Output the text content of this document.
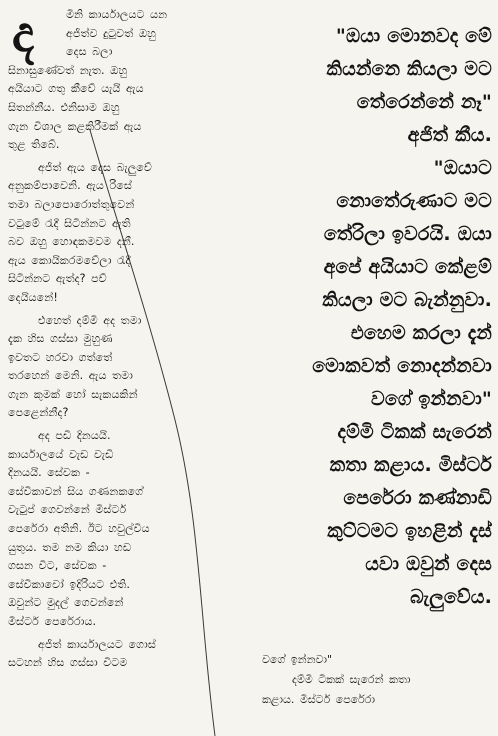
ද	මිනි කාර්යාලයට යන
අජිත්ව දුටුවත් ඔහු
දෙස බලා

සිනාසුණේවත් නැත. ඔහු
අයියාට ගතු කීවේ යැයි ඇය
සිතන්නීය. එනිසාම ඔහු
ගැන විශාල කළකිරීමක් ඇය
තුළ තිබේ.

අජිත් ඇය දෙස බැලුවේ
අනුකම්පාවෙනි. ඇය රිසේ
තමා බලාපොරොත්තුවෙන්
වටුමේ රැදී සිටින්නට ඇති
බව ඔහු හොඳකමවම දනී.
ඇය කොයිකරමවේලා රැදී
සිටින්නට ඇත්ද? පව්
දෙයියනේ!

එහෙත් දම්මි අද තමා
දැක හිස ගස්සා මුහුණ
ඉවතට හරවා ගත්තේ
තරහෙන් මෙනි. ඇය තමා
ගැන කුමක් හෝ සැකයකින්
පෙළෙන්නීද?

අද පඩි දිනයයි.
කාර්යාලයේ වැඩ වැඩි
දිනයයි. සේවක -
සේවිකාවන් සිය ගණනකගේ
වැටුප් ගෙවන්නේ මිස්ටර්
පෙරේරා අතිනි. ඊට හවුල්විය
යුතුය. තම නම කියා හඩ
ගසන විට, සේවක -
සේවිකාවෝ ඉදිරියට එති.
ඔවුන්ට මුදල් ගෙවන්නේ
මිස්ටර් පෙරේරාය.

අජිත් කාර්යාලයට ගොස්
සටහන් හිස ගස්සා විටම

"ඔයා මොනවද මේ

කියන්නෙ කියලා මට

තේරෙන්නේ නෑ"

අජිත් කීය.

"ඔයාට

නොතේරුණාට මට

තේරිලා ඉවරයි. ඔයා

අපේ අයියාට කේළම්

කියලා මට බැන්නුවා.

එහෙම කරලා දැන්

මොකවත් නොදන්නවා

වගේ ඉන්නවා"

දම්මි ටිකක් සැරෙන්

කතා කළාය. මිස්ටර්

පෙරේරා කණ්නාඩි

කුට්ටමට ඉහළින් දැස්

යවා ඔවුන් දෙස

බැලුවේය.

වගේ ඉන්නවා"

දම්මි ටිකක් සැරෙන් කතා

කළාය. මිස්ටර් පෙරේරා
